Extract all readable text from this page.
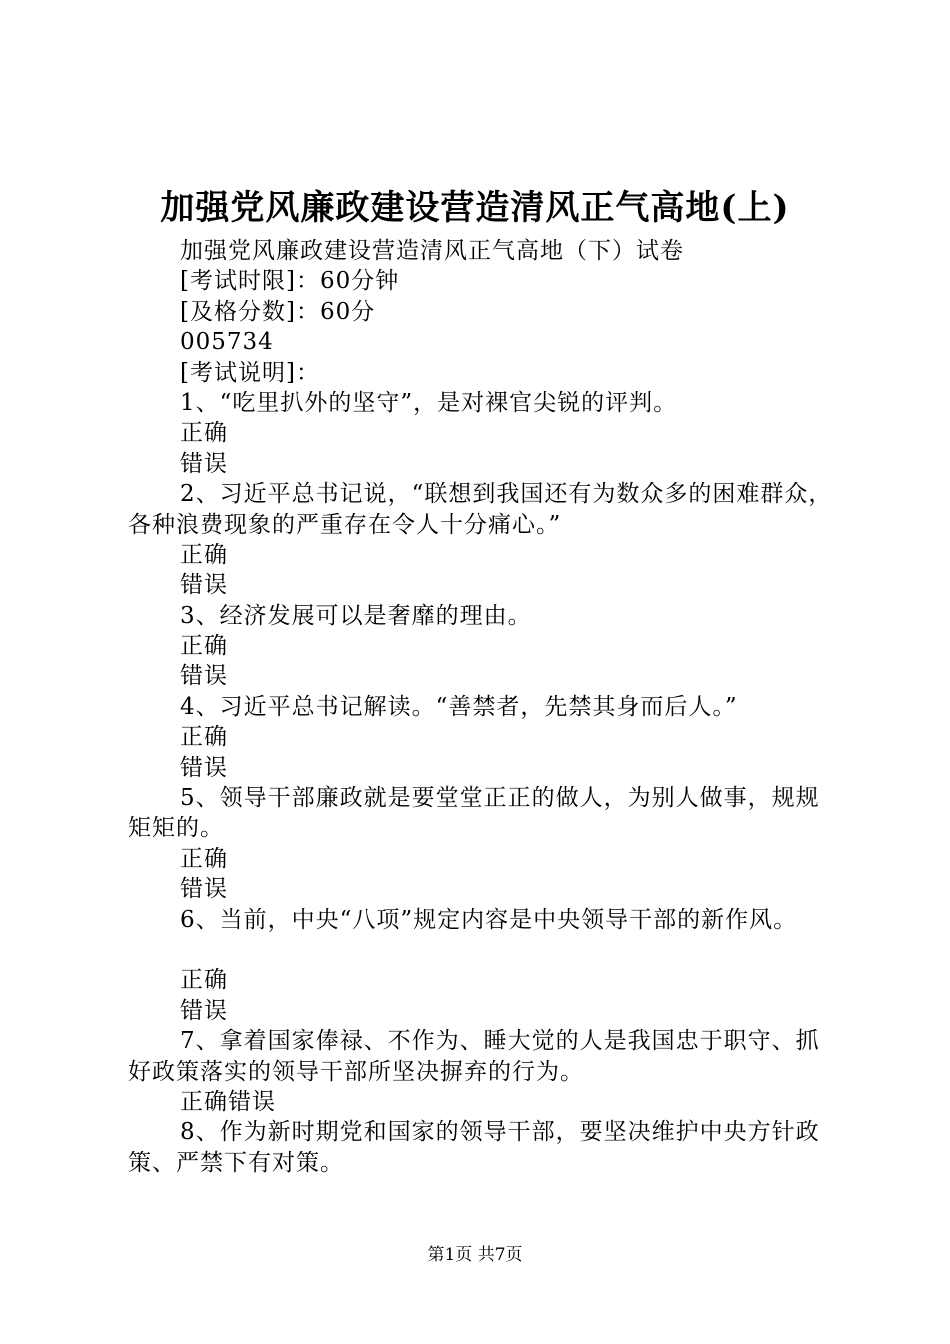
加强党风廉政建设营造清风正气高地(上)
加强党风廉政建设营造清风正气高地（下）试卷
[考试时限]：60分钟
[及格分数]：60分
005734
[考试说明]：
1、“吃里扒外的坚守”，是对裸官尖锐的评判。
正确
错误
2、习近平总书记说，“联想到我国还有为数众多的困难群众，各种浪费现象的严重存在令人十分痛心。”
正确
错误
3、经济发展可以是奢靡的理由。
正确
错误
4、习近平总书记解读。“善禁者，先禁其身而后人。”
正确
错误
5、领导干部廉政就是要堂堂正正的做人，为别人做事，规规矩矩的。
正确
错误
6、当前，中央“八项”规定内容是中央领导干部的新作风。
正确
错误
7、拿着国家俸禄、不作为、睡大觉的人是我国忠于职守、抓好政策落实的领导干部所坚决摒弃的行为。
正确错误
8、作为新时期党和国家的领导干部，要坚决维护中央方针政策、严禁下有对策。
第1页 共7页
